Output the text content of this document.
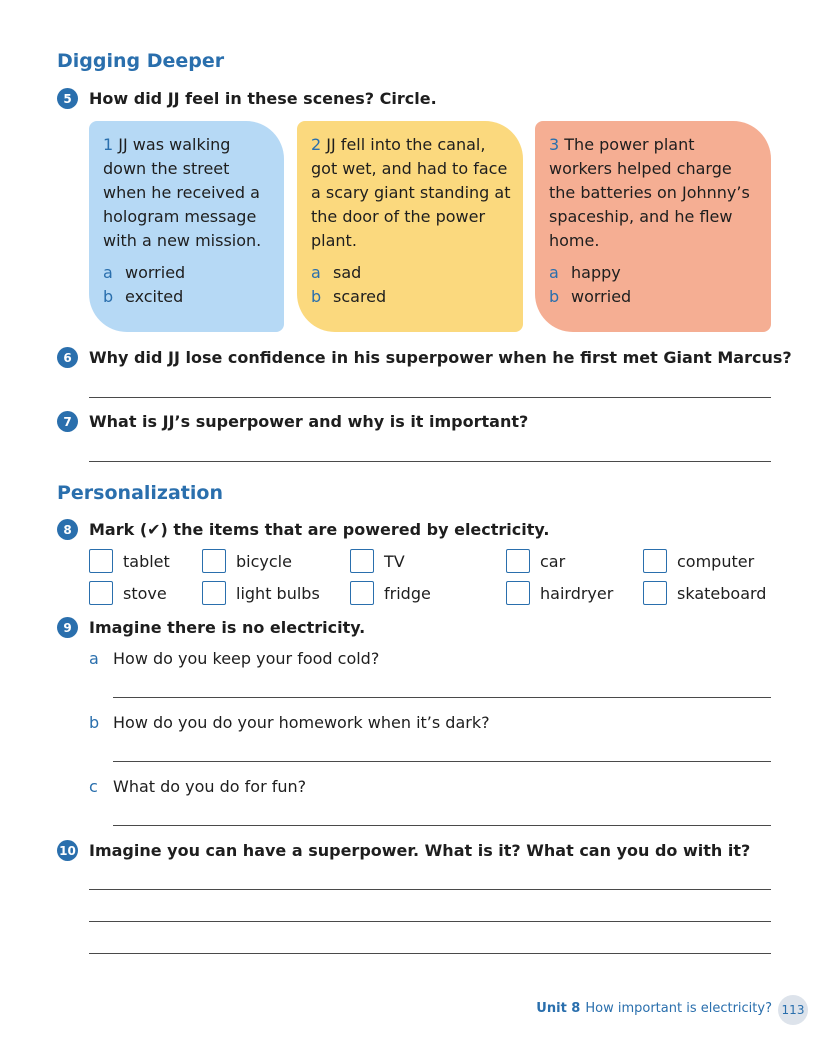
Digging Deeper
5	How did JJ feel in these scenes? Circle.

1 JJ was walking down the street when he received a hologram message with a new mission.

a worried
b excited

2 JJ fell into the canal, got wet, and had to face a scary giant standing at the door of the power plant.

a sad
b scared

3 The power plant workers helped charge the batteries on Johnny’s spaceship, and he flew home.

a happy
b worried
6	Why did JJ lose confidence in his superpower when he first met Giant Marcus?
7	What is JJ’s superpower and why is it important?
Personalization
8	Mark (✔) the items that are powered by electricity.
tablet	bicycle	TV	car	computer
stove	light bulbs	fridge	hairdryer	skateboard
9	Imagine there is no electricity.
a How do you keep your food cold?
b How do you do your homework when it’s dark?
c What do you do for fun?
10 Imagine you can have a superpower. What is it? What can you do with it?
Unit 8 How important is electricity? 113
